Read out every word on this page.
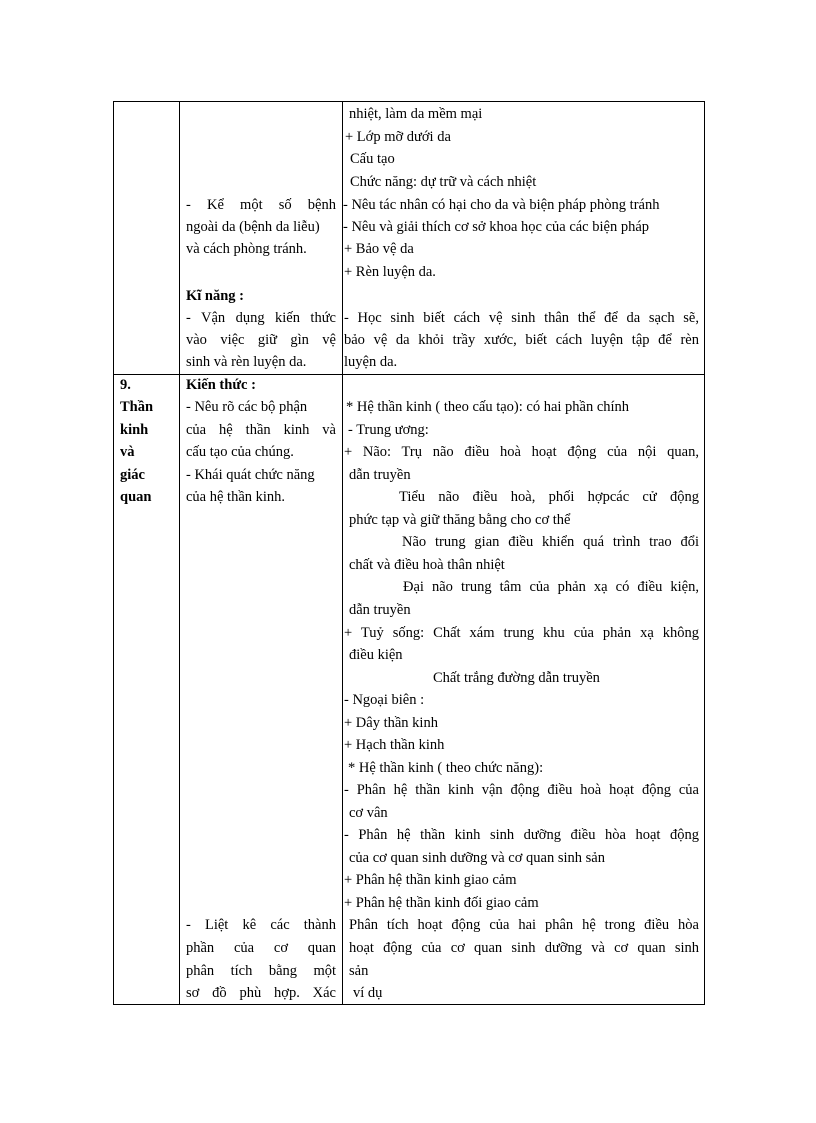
- Kể một số bệnh
ngoài da (bệnh da liễu)
và cách phòng tránh.
Kĩ năng :
- Vận dụng kiến thức
vào việc giữ gìn vệ
sinh và rèn luyện da.
nhiệt, làm da mềm mại
+ Lớp mỡ dưới da
Cấu tạo
Chức năng: dự trữ và cách nhiệt
- Nêu tác nhân có hại cho da và biện pháp phòng tránh
- Nêu và giải thích cơ sở khoa học của các biện pháp
+ Bảo vệ da
+ Rèn luyện da.
- Học sinh biết cách vệ sinh thân thể để da sạch sẽ,
bảo vệ da khỏi trầy xước, biết cách luyện tập để rèn
luyện da.
9.
Thần
kinh
và
giác
quan
Kiến thức :
- Nêu rõ các bộ phận
của hệ thần kinh và
cấu tạo của chúng.
- Khái quát chức năng
của hệ thần kinh.
- Liệt kê các thành
phần của cơ quan
phân tích bằng một
sơ đồ phù hợp. Xác
* Hệ thần kinh ( theo cấu tạo): có hai phần chính
- Trung ương:
+ Não: Trụ não điều hoà hoạt động của nội quan,
dẫn truyền
Tiểu não điều hoà, phối hợpcác cử động
phức tạp và giữ thăng bằng cho cơ thể
Não trung gian điều khiển quá trình trao đổi
chất và điều hoà thân nhiệt
Đại não trung tâm của phản xạ có điều kiện,
dẫn truyền
+ Tuỷ sống: Chất xám trung khu của phản xạ không
điều kiện
Chất trắng đường dẫn truyền
- Ngoại biên :
+ Dây thần kinh
+ Hạch thần kinh
* Hệ thần kinh ( theo chức năng):
- Phân hệ thần kinh vận động điều hoà hoạt động của
cơ vân
- Phân hệ thần kinh sinh dưỡng điều hòa hoạt động
của cơ quan sinh dưỡng và cơ quan sinh sản
+ Phân hệ thần kinh giao cảm
+ Phân hệ thần kinh đối giao cảm
Phân tích hoạt động của hai phân hệ trong điều hòa
hoạt động của cơ quan sinh dưỡng và cơ quan sinh
sản
ví dụ
